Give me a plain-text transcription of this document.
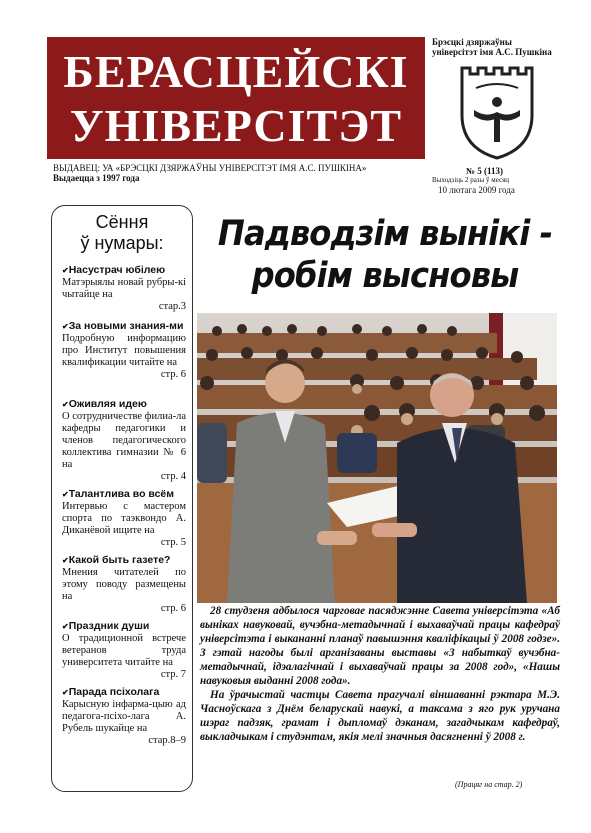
БЕРАСЦЕЙСКІ
УНІВЕРСІТЭТ
Брэсцкі дзяржаўны
універсітэт імя А.С. Пушкіна
ВЫДАВЕЦ: УА «БРЭСЦКІ ДЗЯРЖАЎНЫ УНІВЕРСІТЭТ ІМЯ А.С. ПУШКІНА»
Выдаецца з 1997 года
№ 5 (113)
Выходзіць 2 разы ў месяц
10 лютага 2009 года
Сёння
ў нумары:
✔ Насустрач юбілею
Матэрыялы новай рубры-кі чытайце на
стар.3
✔ За новыми знания-ми
Подробную информацию про Институт повышения квалификации читайте на
стр. 6
✔ Оживляя идею
О сотрудничестве филиа-ла кафедры педагогики и членов педагогического коллектива гимназии № 6 на
стр. 4
✔ Талантлива во всём
Интервью с мастером спорта по таэквондо А. Диканёвой ищите на
стр. 5
✔ Какой быть газете?
Мнения читателей по этому поводу размещены на
стр. 6
✔ Праздник души
О традиционной встрече ветеранов труда университета читайте на
стр. 7
✔ Парада псіхолага
Карысную інфарма-цыю ад педагога-псіхо-лага А. Рубель шукайце на
стар.8–9
Падводзім вынікі -
робім высновы

28 студзеня адбылося чарговае пасяджэнне Савета універсітэта «Аб выніках навуковай, вучэбна-метадычнай і выхаваўчай працы кафедраў універсітэта і выкананні планаў павышэння кваліфікацыі ў 2008 годзе». З гэтай нагоды былі арганізаваны выставы «З набыткаў вучэбна-метадычнай, ідэалагічнай і выхаваўчай працы за 2008 год», «Нашы навуковыя выданні 2008 года».

На ўрачыстай частцы Савета прагучалі віншаванні рэктара М.Э. Часноўскага з Днём беларускай навукі, а таксама з яго рук уручана шэраг падзяк, грамат і дыпломаў дэканам, загадчыкам кафедраў, выкладчыкам і студэнтам, якія мелі значныя дасягненні ў 2008 г.

(Працяг на стар. 2)
